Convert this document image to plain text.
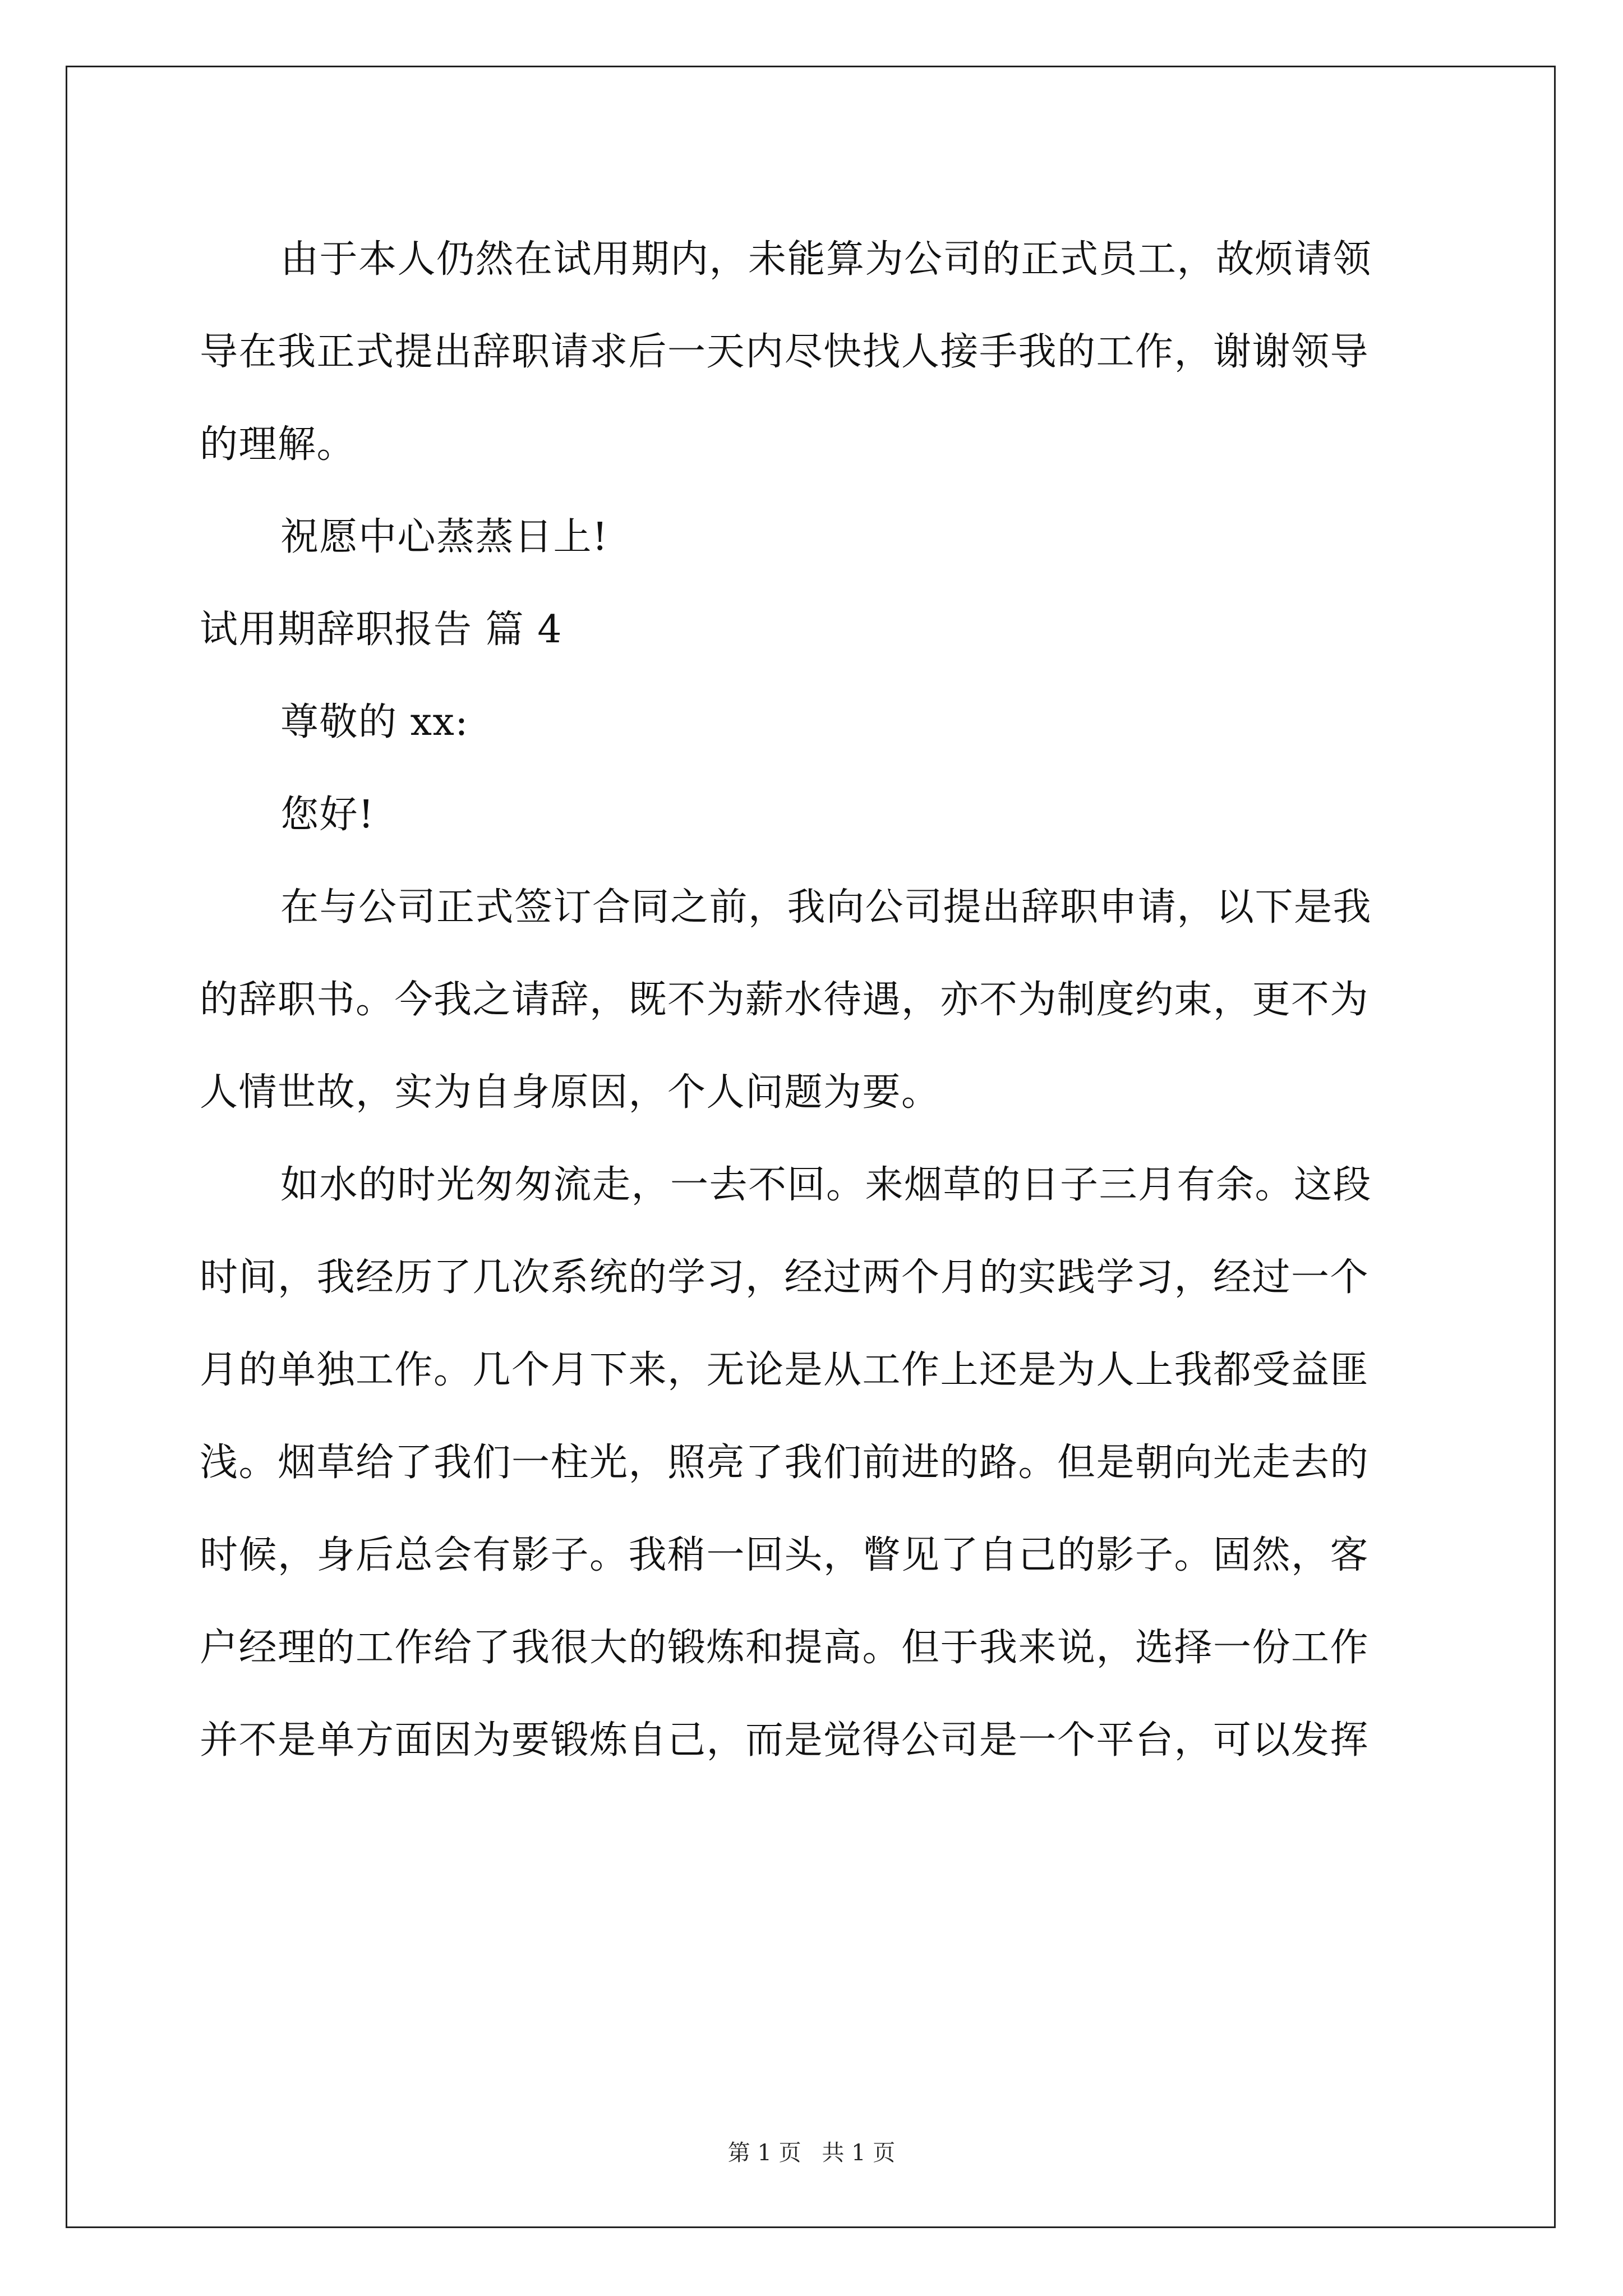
由于本人仍然在试用期内，未能算为公司的正式员工，故烦请领

导在我正式提出辞职请求后一天内尽快找人接手我的工作，谢谢领导

的理解。

祝愿中心蒸蒸日上!

试用期辞职报告 篇 4

尊敬的 xx:

您好!

在与公司正式签订合同之前，我向公司提出辞职申请，以下是我

的辞职书。今我之请辞，既不为薪水待遇，亦不为制度约束，更不为

人情世故，实为自身原因，个人问题为要。

如水的时光匆匆流走，一去不回。来烟草的日子三月有余。这段

时间，我经历了几次系统的学习，经过两个月的实践学习，经过一个

月的单独工作。几个月下来，无论是从工作上还是为人上我都受益匪

浅。烟草给了我们一柱光，照亮了我们前进的路。但是朝向光走去的

时候，身后总会有影子。我稍一回头，瞥见了自己的影子。固然，客

户经理的工作给了我很大的锻炼和提高。但于我来说，选择一份工作

并不是单方面因为要锻炼自己，而是觉得公司是一个平台，可以发挥

第 1 页 共 1 页
